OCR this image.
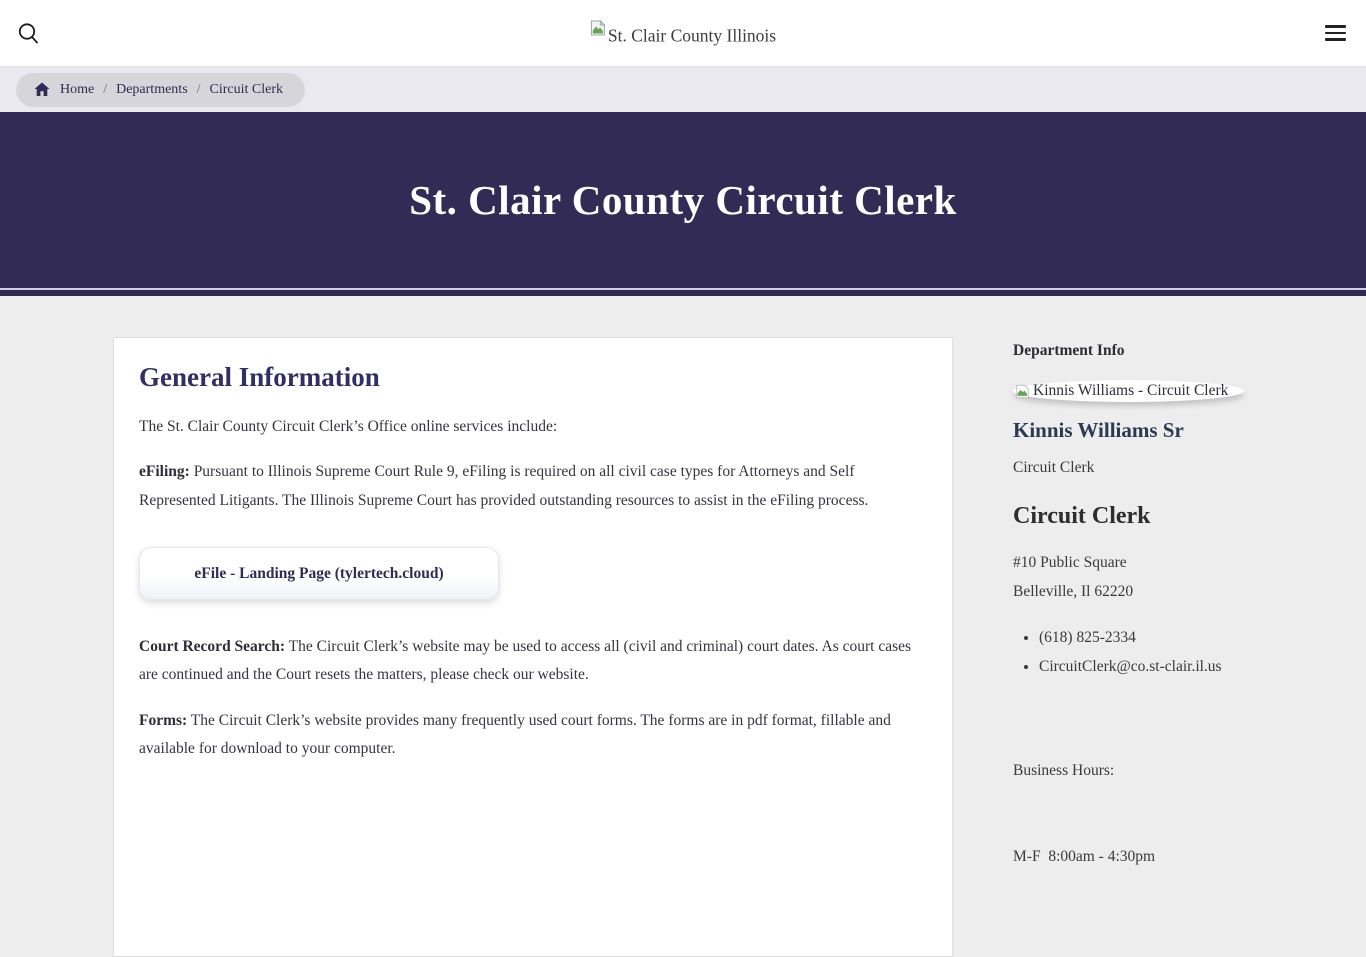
St. Clair County Illinois
Home / Departments / Circuit Clerk
St. Clair County Circuit Clerk
General Information

The St. Clair County Circuit Clerk’s Office online services include:

eFiling: Pursuant to Illinois Supreme Court Rule 9, eFiling is required on all civil case types for Attorneys and Self Represented Litigants. The Illinois Supreme Court has provided outstanding resources to assist in the eFiling process.

eFile - Landing Page (tylertech.cloud)

Court Record Search: The Circuit Clerk’s website may be used to access all (civil and criminal) court dates. As court cases are continued and the Court resets the matters, please check our website.

Forms: The Circuit Clerk’s website provides many frequently used court forms. The forms are in pdf format, fillable and available for download to your computer.

Department Info
Kinnis Williams - Circuit Clerk
Kinnis Williams Sr
Circuit Clerk
Circuit Clerk
#10 Public Square
Belleville, Il 62220
• (618) 825-2334
• CircuitClerk@co.st-clair.il.us

Business Hours:

M-F  8:00am - 4:30pm
